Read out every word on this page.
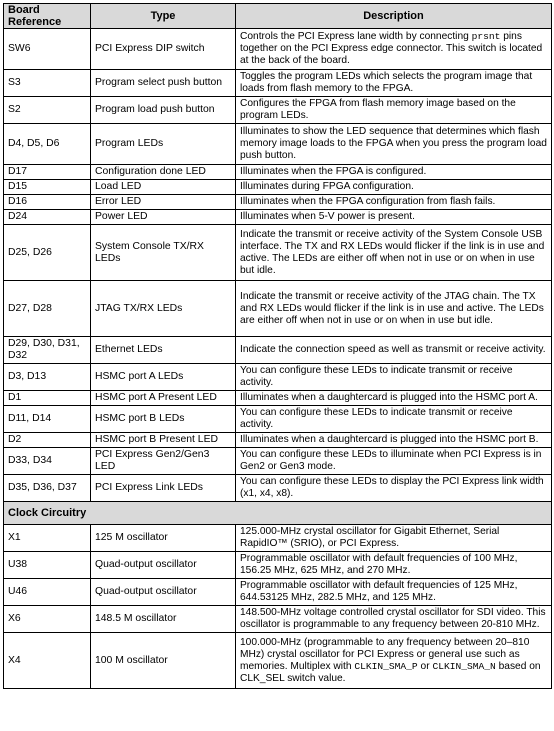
Board Reference	Type	Description
SW6	PCI Express DIP switch	Controls the PCI Express lane width by connecting prsnt pins together on the PCI Express edge connector. This switch is located at the back of the board.
S3	Program select push button	Toggles the program LEDs which selects the program image that loads from flash memory to the FPGA.
S2	Program load push button	Configures the FPGA from flash memory image based on the program LEDs.
D4, D5, D6	Program LEDs	Illuminates to show the LED sequence that determines which flash memory image loads to the FPGA when you press the program load push button.
D17	Configuration done LED	Illuminates when the FPGA is configured.
D15	Load LED	Illuminates during FPGA configuration.
D16	Error LED	Illuminates when the FPGA configuration from flash fails.
D24	Power LED	Illuminates when 5-V power is present.
D25, D26	System Console TX/RX LEDs	Indicate the transmit or receive activity of the System Console USB interface. The TX and RX LEDs would flicker if the link is in use and active. The LEDs are either off when not in use or on when in use but idle.
D27, D28	JTAG TX/RX LEDs	Indicate the transmit or receive activity of the JTAG chain. The TX and RX LEDs would flicker if the link is in use and active. The LEDs are either off when not in use or on when in use but idle.
D29, D30, D31, D32	Ethernet LEDs	Indicate the connection speed as well as transmit or receive activity.
D3, D13	HSMC port A LEDs	You can configure these LEDs to indicate transmit or receive activity.
D1	HSMC port A Present LED	Illuminates when a daughtercard is plugged into the HSMC port A.
D11, D14	HSMC port B LEDs	You can configure these LEDs to indicate transmit or receive activity.
D2	HSMC port B Present LED	Illuminates when a daughtercard is plugged into the HSMC port B.
D33, D34	PCI Express Gen2/Gen3 LED	You can configure these LEDs to illuminate when PCI Express is in Gen2 or Gen3 mode.
D35, D36, D37	PCI Express Link LEDs	You can configure these LEDs to display the PCI Express link width (x1, x4, x8).
Clock Circuitry		
X1	125 M oscillator	125.000-MHz crystal oscillator for Gigabit Ethernet, Serial RapidIO™ (SRIO), or PCI Express.
U38	Quad-output oscillator	Programmable oscillator with default frequencies of 100 MHz, 156.25 MHz, 625 MHz, and 270 MHz.
U46	Quad-output oscillator	Programmable oscillator with default frequencies of 125 MHz, 644.53125 MHz, 282.5 MHz, and 125 MHz.
X6	148.5 M oscillator	148.500-MHz voltage controlled crystal oscillator for SDI video. This oscillator is programmable to any frequency between 20-810 MHz.
X4	100 M oscillator	100.000-MHz (programmable to any frequency between 20–810 MHz) crystal oscillator for PCI Express or general use such as memories. Multiplex with CLKIN_SMA_P or CLKIN_SMA_N based on CLK_SEL switch value.
